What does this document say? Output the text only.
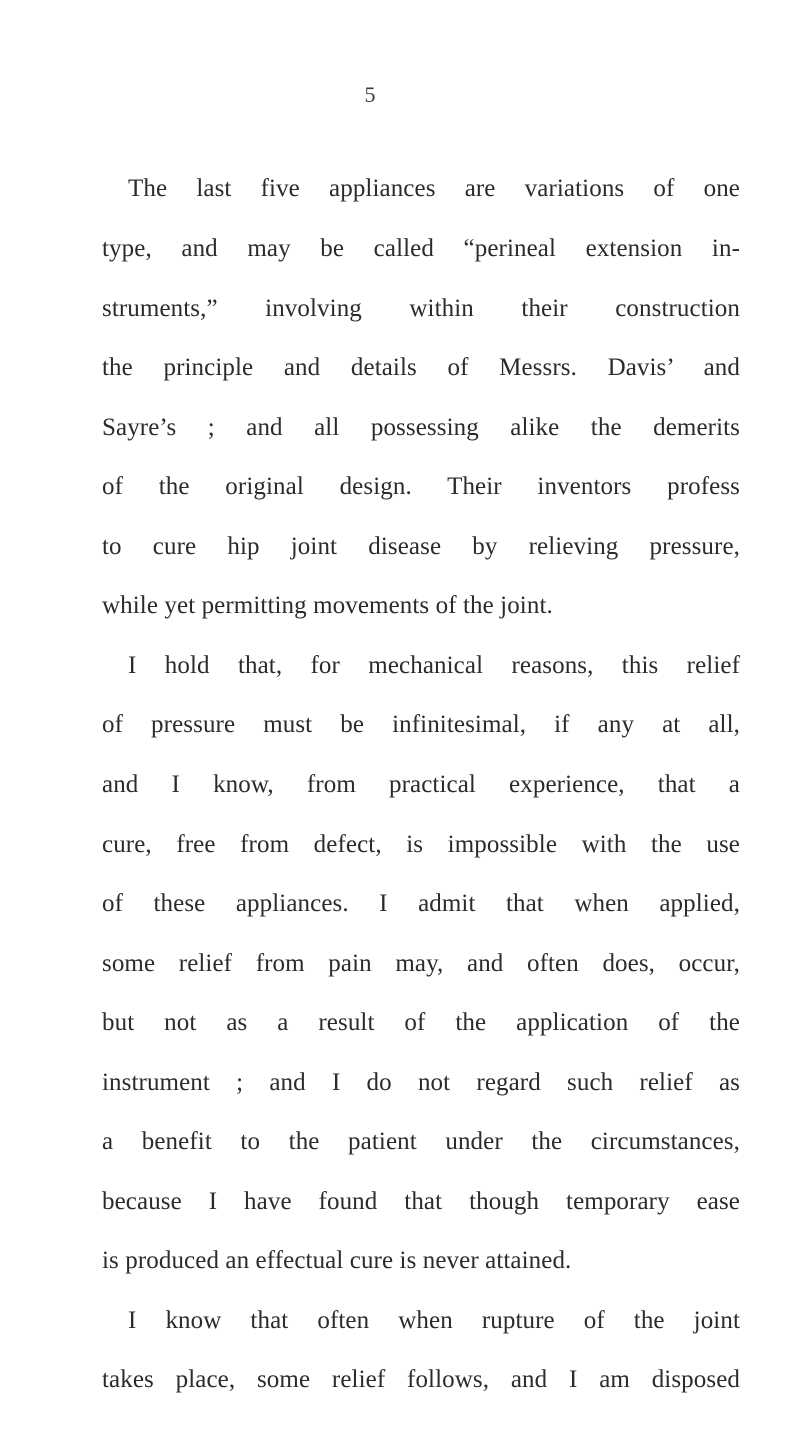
5
The last five appliances are variations of one
type, and may be called “perineal extension in-
struments,” involving within their construction
the principle and details of Messrs. Davis’ and
Sayre’s ; and all possessing alike the demerits
of the original design. Their inventors profess
to cure hip joint disease by relieving pressure,
while yet permitting movements of the joint.
I hold that, for mechanical reasons, this relief
of pressure must be infinitesimal, if any at all,
and I know, from practical experience, that a
cure, free from defect, is impossible with the use
of these appliances. I admit that when applied,
some relief from pain may, and often does, occur,
but not as a result of the application of the
instrument ; and I do not regard such relief as
a benefit to the patient under the circumstances,
because I have found that though temporary ease
is produced an effectual cure is never attained.
I know that often when rupture of the joint
takes place, some relief follows, and I am disposed
